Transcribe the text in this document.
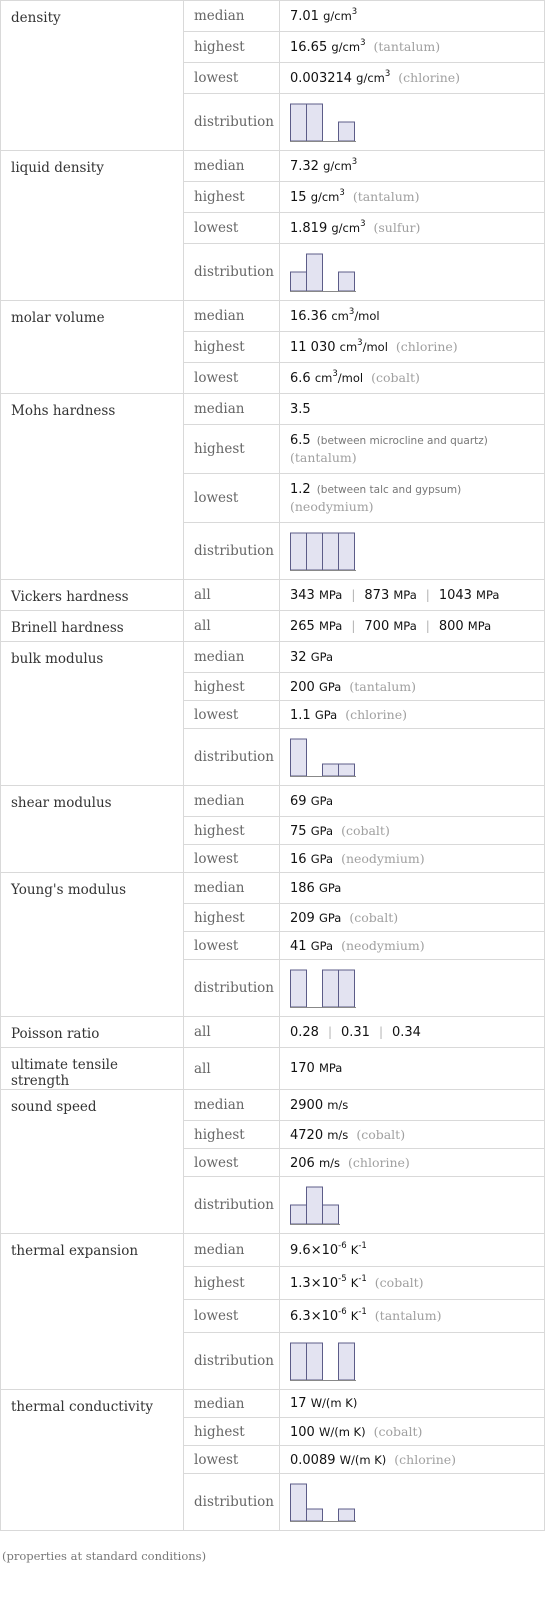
density	median	7.01 $g/cm^3$
	highest	16.65 $g/cm^3$ (tantalum)
	lowest	0.003214 $g/cm^3$ (chlorine)
	distribution	

liquid density	median	7.32 $g/cm^3$
	highest	15 $g/cm^3$ (tantalum)
	lowest	1.819 $g/cm^3$ (sulfur)
	distribution	

molar volume	median	16.36 $cm^3$/mol
	highest	11 030 $cm^3$/mol (chlorine)
	lowest	6.6 $cm^3$/mol (cobalt)
Mohs hardness	median	3.5
	highest	6.5 (between microcline and quartz)
(tantalum)

	lowest	1.2 (between talc and gypsum)
(neodymium)

	distribution	

Vickers hardness	all	343 MPa | 873 MPa | 1043 MPa
Brinell hardness	all	265 MPa | 700 MPa | 800 MPa
bulk modulus	median	32 GPa
	highest	200 GPa (tantalum)
	lowest	1.1 GPa (chlorine)
	distribution	

shear modulus	median	69 GPa
	highest	75 GPa (cobalt)
	lowest	16 GPa (neodymium)
Young's modulus	median	186 GPa
	highest	209 GPa (cobalt)
	lowest	41 GPa (neodymium)
	distribution	

Poisson ratio	all	0.28 | 0.31 | 0.34
ultimate tensile strength	all	170 MPa
sound speed	median	2900 m/s
	highest	4720 m/s (cobalt)
	lowest	206 m/s (chlorine)
	distribution	

thermal expansion	median	$9.6\times 10^{-6}$ $K^{-1}$
	highest	$1.3\times 10^{-5}$ $K^{-1}$ (cobalt)
	lowest	$6.3\times 10^{-6}$ $K^{-1}$ (tantalum)
	distribution	

thermal conductivity	median	17 W/(m K)
	highest	100 W/(m K) (cobalt)
	lowest	0.0089 W/(m K) (chlorine)
	distribution	
(properties at standard conditions)
